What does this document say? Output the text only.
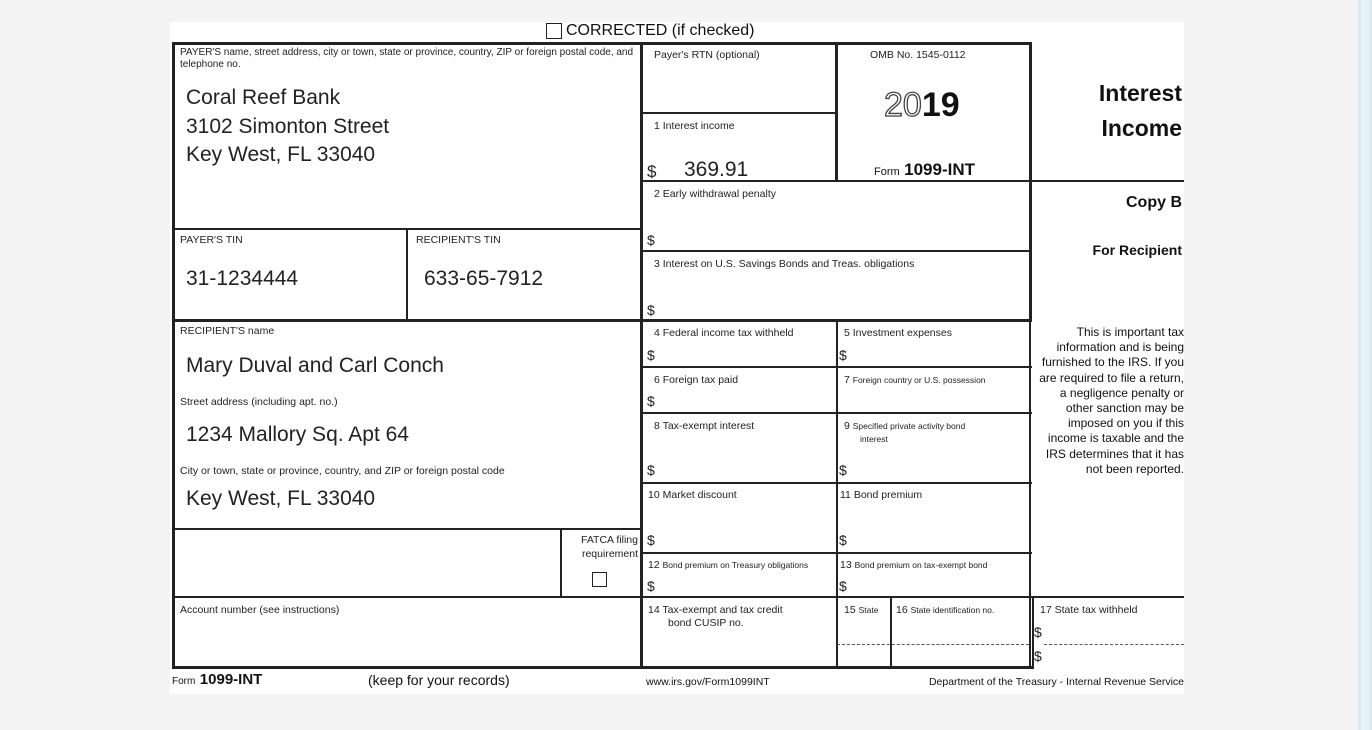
CORRECTED (if checked)
PAYER'S name, street address, city or town, state or province, country, ZIP or foreign postal code, and telephone no.
Coral Reef Bank
3102 Simonton Street
Key West, FL 33040
Payer's RTN (optional)
1 Interest income
$ 369.91
OMB No. 1545-0112
2019
Form 1099-INT
Interest
Income
2 Early withdrawal penalty
$
Copy B
For Recipient
PAYER'S TIN
31-1234444
RECIPIENT'S TIN
633-65-7912
3 Interest on U.S. Savings Bonds and Treas. obligations
$
RECIPIENT'S name
Mary Duval and Carl Conch
Street address (including apt. no.)
1234 Mallory Sq. Apt 64
City or town, state or province, country, and ZIP or foreign postal code
Key West, FL 33040
FATCA filing
requirement
4 Federal income tax withheld
$
5 Investment expenses
$
6 Foreign tax paid
$
7 Foreign country or U.S. possession
8 Tax-exempt interest
$
9 Specified private activity bond
interest
$
10 Market discount
$
11 Bond premium
$
12 Bond premium on Treasury obligations
$
13 Bond premium on tax-exempt bond
$
This is important tax information and is being furnished to the IRS. If you are required to file a return, a negligence penalty or other sanction may be imposed on you if this income is taxable and the IRS determines that it has not been reported.
Account number (see instructions)	14 Tax-exempt and tax credit
bond CUSIP no.
15 State 16 State identification no.	17 State tax withheld
$
$
Form 1099-INT	(keep for your records)	www.irs.gov/Form1099INT	Department of the Treasury - Internal Revenue Service
